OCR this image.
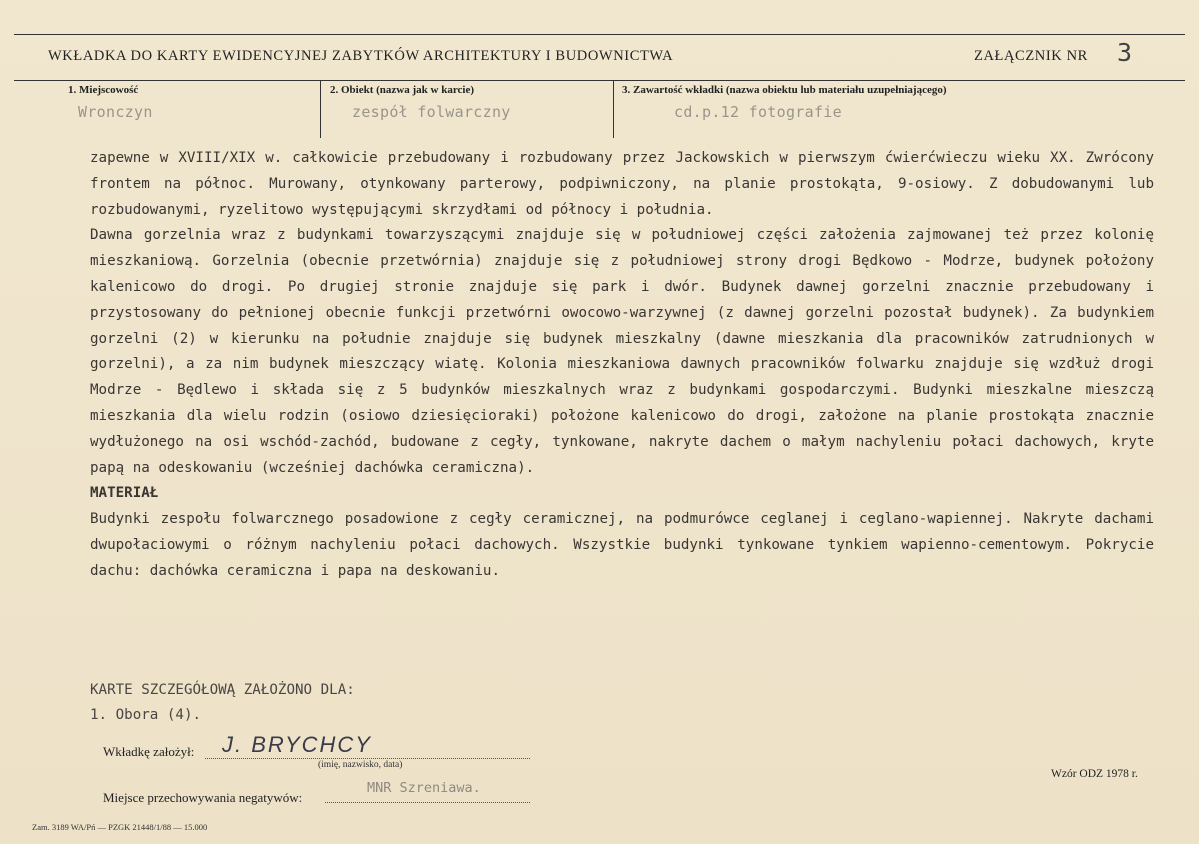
WKŁADKA DO KARTY EWIDENCYJNEJ ZABYTKÓW ARCHITEKTURY I BUDOWNICTWA	ZAŁĄCZNIK NR 3
1. Miejscowość
Wronczyn
2. Obiekt (nazwa jak w karcie)
zespół folwarczny
3. Zawartość wkładki (nazwa obiektu lub materiału uzupełniającego)
cd.p.12 fotografie

zapewne w XVIII/XIX w. całkowicie przebudowany i rozbudowany przez Jackowskich w pierwszym ćwierćwieczu wieku XX. Zwrócony frontem na północ. Murowany, otynkowany parterowy, podpiwniczony, na planie prostokąta, 9-osiowy. Z dobudowanymi lub rozbudowanymi, ryzelitowo występującymi skrzydłami od północy i południa.

Dawna gorzelnia wraz z budynkami towarzyszącymi znajduje się w południowej części założenia zajmowanej też przez kolonię mieszkaniową. Gorzelnia (obecnie przetwórnia) znajduje się z południowej strony drogi Będkowo - Modrze, budynek położony kalenicowo do drogi. Po drugiej stronie znajduje się park i dwór. Budynek dawnej gorzelni znacznie przebudowany i przystosowany do pełnionej obecnie funkcji przetwórni owocowo-warzywnej (z dawnej gorzelni pozostał budynek). Za budynkiem gorzelni (2) w kierunku na południe znajduje się budynek mieszkalny (dawne mieszkania dla pracowników zatrudnionych w gorzelni), a za nim budynek mieszczący wiatę. Kolonia mieszkaniowa dawnych pracowników folwarku znajduje się wzdłuż drogi Modrze - Będlewo i składa się z 5 budynków mieszkalnych wraz z budynkami gospodarczymi. Budynki mieszkalne mieszczą mieszkania dla wielu rodzin (osiowo dziesięcioraki) położone kalenicowo do drogi, założone na planie prostokąta znacznie wydłużonego na osi wschód-zachód, budowane z cegły, tynkowane, nakryte dachem o małym nachyleniu połaci dachowych, kryte papą na odeskowaniu (wcześniej dachówka ceramiczna).

MATERIAŁ

Budynki zespołu folwarcznego posadowione z cegły ceramicznej, na podmurówce ceglanej i ceglano-wapiennej. Nakryte dachami dwupołaciowymi o różnym nachyleniu połaci dachowych. Wszystkie budynki tynkowane tynkiem wapienno-cementowym. Pokrycie dachu: dachówka ceramiczna i papa na deskowaniu.

KARTE SZCZEGÓŁOWĄ ZAŁOŻONO DLA:
1. Obora (4).
Wkładkę założył: J. BRYCHCY
(imię, nazwisko, data)
Miejsce przechowywania negatywów:
MNR Szreniawa.
Wzór ODZ 1978 r.
Zam. 3189 WA/Pń — PZGK 21448/1/88 — 15.000
